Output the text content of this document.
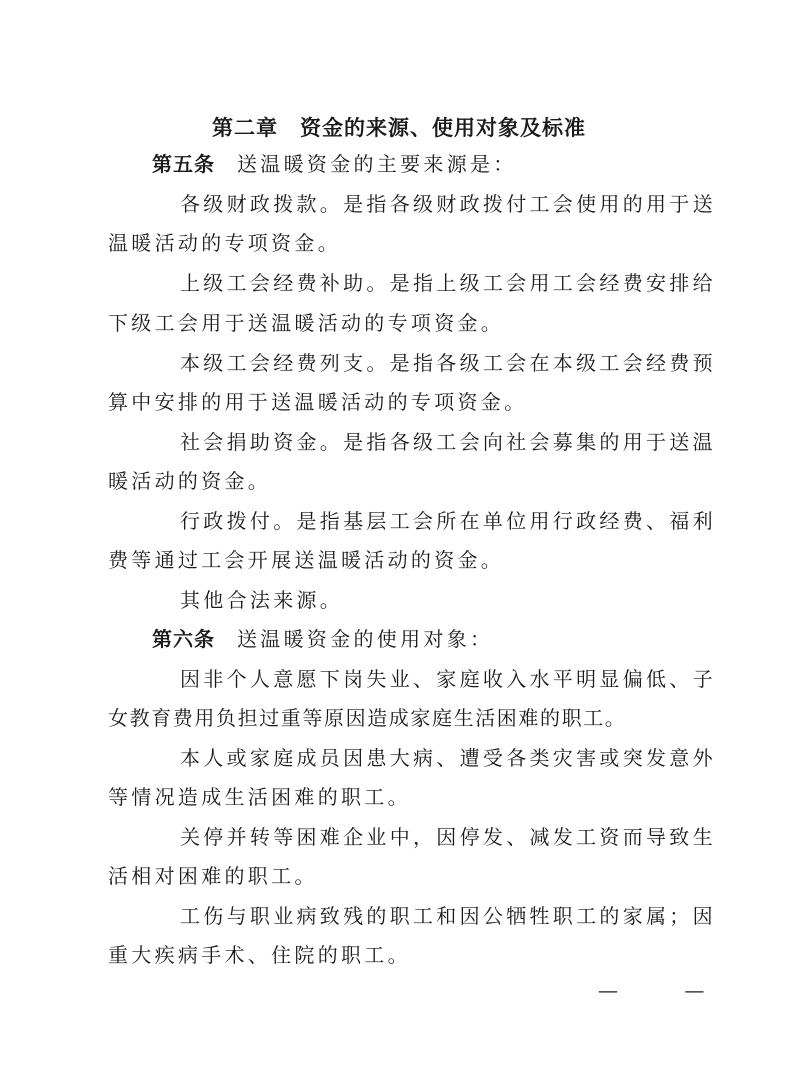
第二章　资金的来源、使用对象及标准
第五条 送温暖资金的主要来源是：
各级财政拨款。是指各级财政拨付工会使用的用于送
温暖活动的专项资金。
上级工会经费补助。是指上级工会用工会经费安排给
下级工会用于送温暖活动的专项资金。
本级工会经费列支。是指各级工会在本级工会经费预
算中安排的用于送温暖活动的专项资金。
社会捐助资金。是指各级工会向社会募集的用于送温
暖活动的资金。
行政拨付。是指基层工会所在单位用行政经费、福利
费等通过工会开展送温暖活动的资金。
其他合法来源。
第六条 送温暖资金的使用对象：
因非个人意愿下岗失业、家庭收入水平明显偏低、子
女教育费用负担过重等原因造成家庭生活困难的职工。
本人或家庭成员因患大病、遭受各类灾害或突发意外
等情况造成生活困难的职工。
关停并转等困难企业中，因停发、减发工资而导致生
活相对困难的职工。
工伤与职业病致残的职工和因公牺牲职工的家属；因
重大疾病手术、住院的职工。
— —
